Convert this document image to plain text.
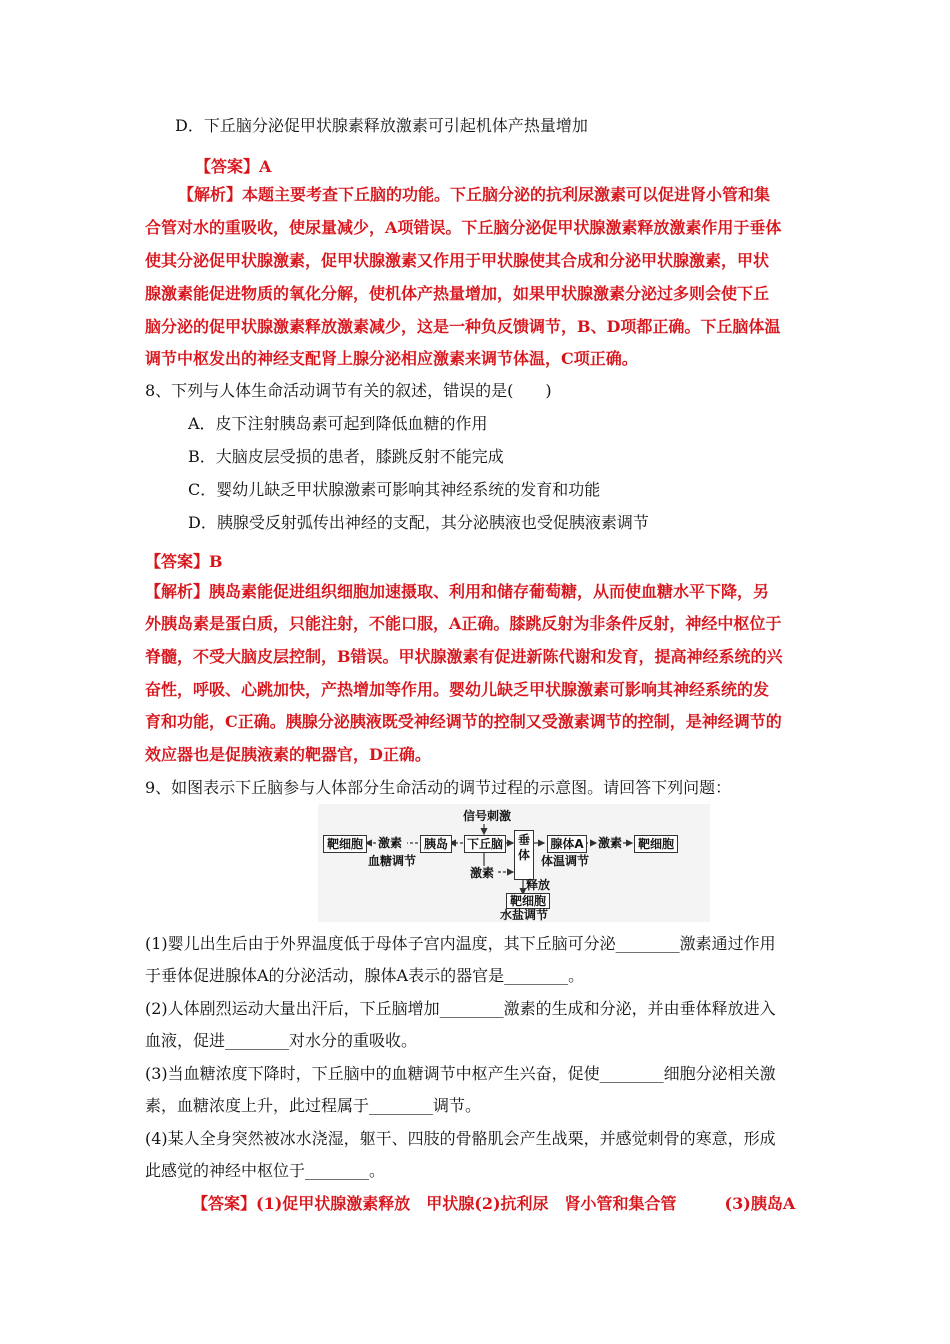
D．下丘脑分泌促甲状腺素释放激素可引起机体产热量增加
【答案】A
【解析】本题主要考查下丘脑的功能。下丘脑分泌的抗利尿激素可以促进肾小管和集
合管对水的重吸收，使尿量减少，A项错误。下丘脑分泌促甲状腺激素释放激素作用于垂体
使其分泌促甲状腺激素，促甲状腺激素又作用于甲状腺使其合成和分泌甲状腺激素，甲状
腺激素能促进物质的氧化分解，使机体产热量增加，如果甲状腺激素分泌过多则会使下丘
脑分泌的促甲状腺激素释放激素减少，这是一种负反馈调节，B、D项都正确。下丘脑体温
调节中枢发出的神经支配肾上腺分泌相应激素来调节体温，C项正确。
8、下列与人体生命活动调节有关的叙述，错误的是(　　)
A．皮下注射胰岛素可起到降低血糖的作用
B．大脑皮层受损的患者，膝跳反射不能完成
C．婴幼儿缺乏甲状腺激素可影响其神经系统的发育和功能
D．胰腺受反射弧传出神经的支配，其分泌胰液也受促胰液素调节
【答案】B
【解析】胰岛素能促进组织细胞加速摄取、利用和储存葡萄糖，从而使血糖水平下降，另
外胰岛素是蛋白质，只能注射，不能口服，A正确。膝跳反射为非条件反射，神经中枢位于
脊髓，不受大脑皮层控制，B错误。甲状腺激素有促进新陈代谢和发育，提高神经系统的兴
奋性，呼吸、心跳加快，产热增加等作用。婴幼儿缺乏甲状腺激素可影响其神经系统的发
育和功能，C正确。胰腺分泌胰液既受神经调节的控制又受激素调节的控制，是神经调节的
效应器也是促胰液素的靶器官，D正确。
9、如图表示下丘脑参与人体部分生命活动的调节过程的示意图。请回答下列问题：
信号刺激
靶细胞	激素
血糖调节
胰岛	下丘脑	垂体
腺体A 激素	靶细胞
体温调节
激素
释放
靶细胞
水盐调节
(1)婴儿出生后由于外界温度低于母体子宫内温度，其下丘脑可分泌________激素通过作用
于垂体促进腺体A的分泌活动，腺体A表示的器官是________。
(2)人体剧烈运动大量出汗后，下丘脑增加________激素的生成和分泌，并由垂体释放进入
血液，促进________对水分的重吸收。
(3)当血糖浓度下降时，下丘脑中的血糖调节中枢产生兴奋，促使________细胞分泌相关激
素，血糖浓度上升，此过程属于________调节。
(4)某人全身突然被冰水浇湿，躯干、四肢的骨骼肌会产生战栗，并感觉刺骨的寒意，形成
此感觉的神经中枢位于________。
【答案】(1)促甲状腺激素释放　甲状腺(2)抗利尿　肾小管和集合管　　　(3)胰岛A
